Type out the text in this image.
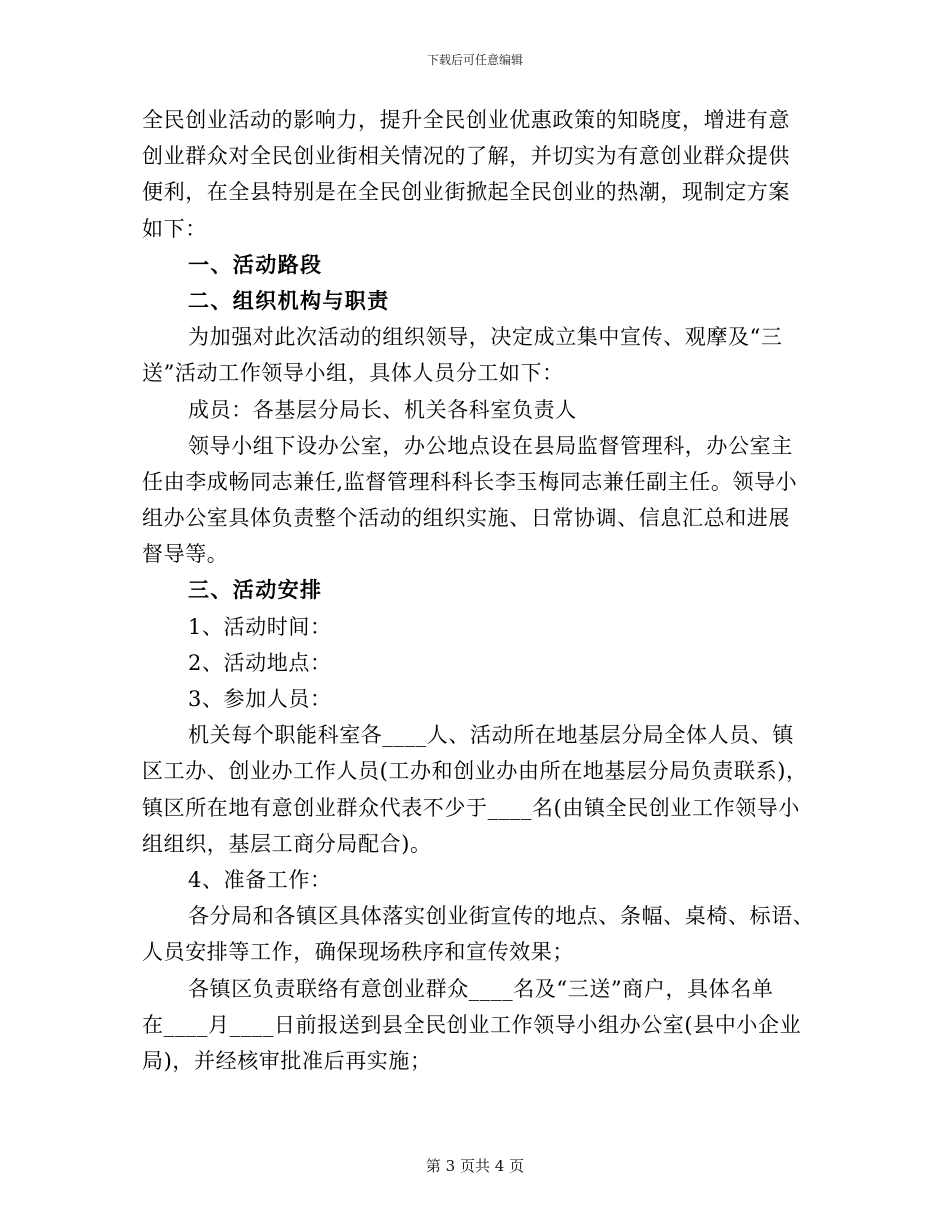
下载后可任意编辑
全民创业活动的影响力，提升全民创业优惠政策的知晓度，增进有意
创业群众对全民创业街相关情况的了解，并切实为有意创业群众提供
便利，在全县特别是在全民创业街掀起全民创业的热潮，现制定方案
如下：
一、活动路段
二、组织机构与职责
为加强对此次活动的组织领导，决定成立集中宣传、观摩及“三
送”活动工作领导小组，具体人员分工如下：
成员：各基层分局长、机关各科室负责人
领导小组下设办公室，办公地点设在县局监督管理科，办公室主
任由李成畅同志兼任,监督管理科科长李玉梅同志兼任副主任。领导小
组办公室具体负责整个活动的组织实施、日常协调、信息汇总和进展
督导等。
三、活动安排
1、活动时间：
2、活动地点：
3、参加人员：
机关每个职能科室各____人、活动所在地基层分局全体人员、镇
区工办、创业办工作人员(工办和创业办由所在地基层分局负责联系)，
镇区所在地有意创业群众代表不少于____名(由镇全民创业工作领导小
组组织，基层工商分局配合)。
4、准备工作：
各分局和各镇区具体落实创业街宣传的地点、条幅、桌椅、标语、
人员安排等工作，确保现场秩序和宣传效果；
各镇区负责联络有意创业群众____名及“三送”商户，具体名单
在____月____日前报送到县全民创业工作领导小组办公室(县中小企业
局)，并经核审批准后再实施；
第 3 页共 4 页
